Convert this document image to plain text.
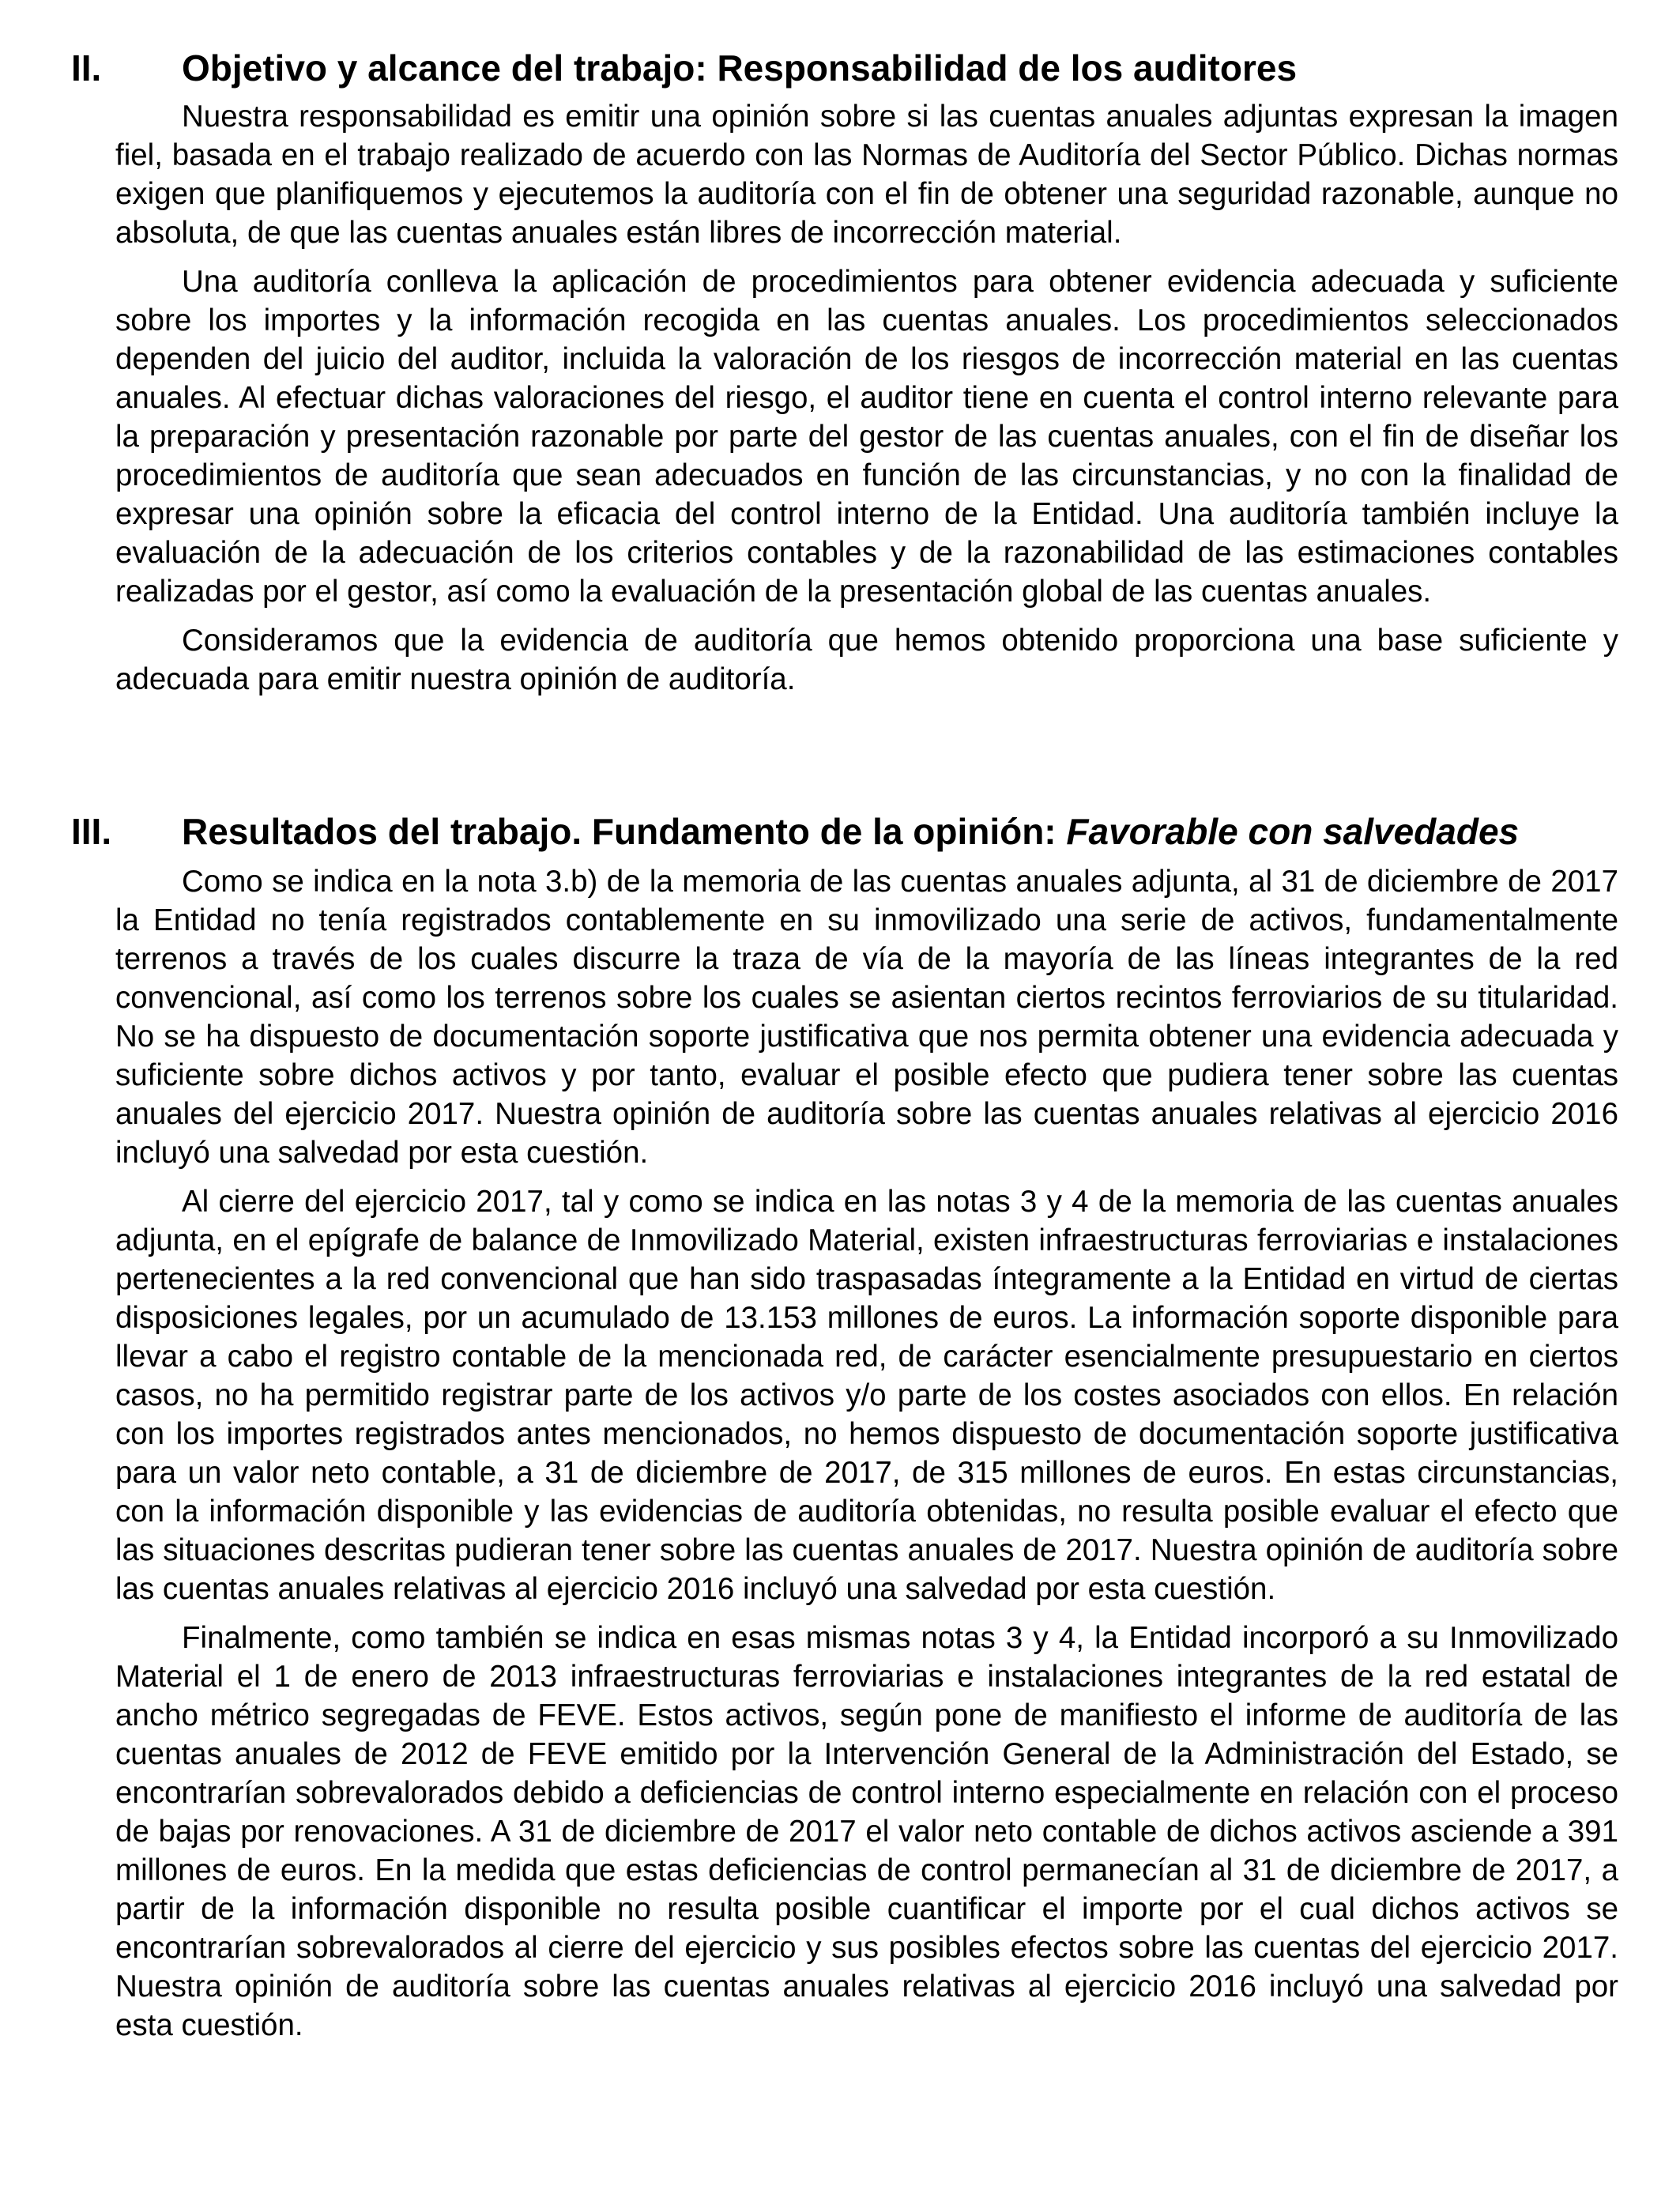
II. Objetivo y alcance del trabajo: Responsabilidad de los auditores

Nuestra responsabilidad es emitir una opinión sobre si las cuentas anuales adjuntas expresan la imagen fiel, basada en el trabajo realizado de acuerdo con las Normas de Auditoría del Sector Público. Dichas normas exigen que planifiquemos y ejecutemos la auditoría con el fin de obtener una seguridad razonable, aunque no absoluta, de que las cuentas anuales están libres de incorrección material.

Una auditoría conlleva la aplicación de procedimientos para obtener evidencia adecuada y suficiente sobre los importes y la información recogida en las cuentas anuales. Los procedimientos seleccionados dependen del juicio del auditor, incluida la valoración de los riesgos de incorrección material en las cuentas anuales. Al efectuar dichas valoraciones del riesgo, el auditor tiene en cuenta el control interno relevante para la preparación y presentación razonable por parte del gestor de las cuentas anuales, con el fin de diseñar los procedimientos de auditoría que sean adecuados en función de las circunstancias, y no con la finalidad de expresar una opinión sobre la eficacia del control interno de la Entidad. Una auditoría también incluye la evaluación de la adecuación de los criterios contables y de la razonabilidad de las estimaciones contables realizadas por el gestor, así como la evaluación de la presentación global de las cuentas anuales.

Consideramos que la evidencia de auditoría que hemos obtenido proporciona una base suficiente y adecuada para emitir nuestra opinión de auditoría.

III. Resultados del trabajo. Fundamento de la opinión: Favorable con salvedades

Como se indica en la nota 3.b) de la memoria de las cuentas anuales adjunta, al 31 de diciembre de 2017 la Entidad no tenía registrados contablemente en su inmovilizado una serie de activos, fundamentalmente terrenos a través de los cuales discurre la traza de vía de la mayoría de las líneas integrantes de la red convencional, así como los terrenos sobre los cuales se asientan ciertos recintos ferroviarios de su titularidad. No se ha dispuesto de documentación soporte justificativa que nos permita obtener una evidencia adecuada y suficiente sobre dichos activos y por tanto, evaluar el posible efecto que pudiera tener sobre las cuentas anuales del ejercicio 2017. Nuestra opinión de auditoría sobre las cuentas anuales relativas al ejercicio 2016 incluyó una salvedad por esta cuestión.

Al cierre del ejercicio 2017, tal y como se indica en las notas 3 y 4 de la memoria de las cuentas anuales adjunta, en el epígrafe de balance de Inmovilizado Material, existen infraestructuras ferroviarias e instalaciones pertenecientes a la red convencional que han sido traspasadas íntegramente a la Entidad en virtud de ciertas disposiciones legales, por un acumulado de 13.153 millones de euros. La información soporte disponible para llevar a cabo el registro contable de la mencionada red, de carácter esencialmente presupuestario en ciertos casos, no ha permitido registrar parte de los activos y/o parte de los costes asociados con ellos. En relación con los importes registrados antes mencionados, no hemos dispuesto de documentación soporte justificativa para un valor neto contable, a 31 de diciembre de 2017, de 315 millones de euros. En estas circunstancias, con la información disponible y las evidencias de auditoría obtenidas, no resulta posible evaluar el efecto que las situaciones descritas pudieran tener sobre las cuentas anuales de 2017. Nuestra opinión de auditoría sobre las cuentas anuales relativas al ejercicio 2016 incluyó una salvedad por esta cuestión.

Finalmente, como también se indica en esas mismas notas 3 y 4, la Entidad incorporó a su Inmovilizado Material el 1 de enero de 2013 infraestructuras ferroviarias e instalaciones integrantes de la red estatal de ancho métrico segregadas de FEVE. Estos activos, según pone de manifiesto el informe de auditoría de las cuentas anuales de 2012 de FEVE emitido por la Intervención General de la Administración del Estado, se encontrarían sobrevalorados debido a deficiencias de control interno especialmente en relación con el proceso de bajas por renovaciones. A 31 de diciembre de 2017 el valor neto contable de dichos activos asciende a 391 millones de euros. En la medida que estas deficiencias de control permanecían al 31 de diciembre de 2017, a partir de la información disponible no resulta posible cuantificar el importe por el cual dichos activos se encontrarían sobrevalorados al cierre del ejercicio y sus posibles efectos sobre las cuentas del ejercicio 2017. Nuestra opinión de auditoría sobre las cuentas anuales relativas al ejercicio 2016 incluyó una salvedad por esta cuestión.
